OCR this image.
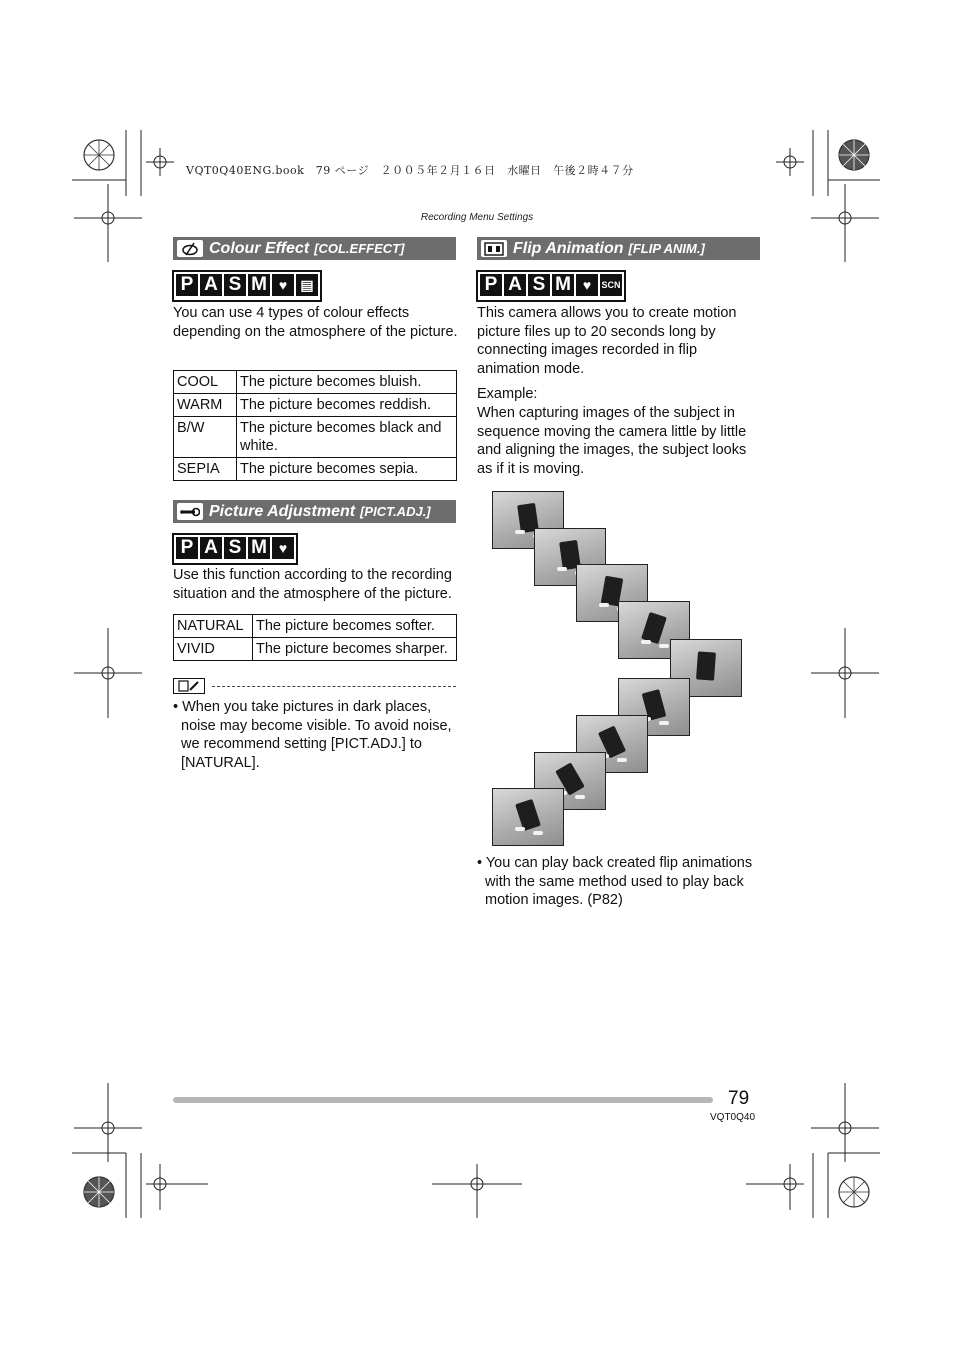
VQT0Q40ENG.book　79 ページ　２００５年２月１６日　水曜日　午後２時４７分
Recording Menu Settings
Colour Effect [COL.EFFECT]
P A S M ♥ ▤
You can use 4 types of colour effects depending on the atmosphere of the picture.
COOL	The picture becomes bluish.
WARM	The picture becomes reddish.
B/W	The picture becomes black and white.
SEPIA	The picture becomes sepia.
Picture Adjustment [PICT.ADJ.]
P A S M ♥
Use this function according to the recording situation and the atmosphere of the picture.
NATURAL	The picture becomes softer.
VIVID	The picture becomes sharper.
• When you take pictures in dark places, noise may become visible. To avoid noise, we recommend setting [PICT.ADJ.] to [NATURAL].
Flip Animation [FLIP ANIM.]
P A S M ♥	SCN
This camera allows you to create motion picture files up to 20 seconds long by connecting images recorded in flip animation mode.
Example:
When capturing images of the subject in sequence moving the camera little by little and aligning the images, the subject looks as if it is moving.
• You can play back created flip animations with the same method used to play back motion images. (P82)
79
VQT0Q40
